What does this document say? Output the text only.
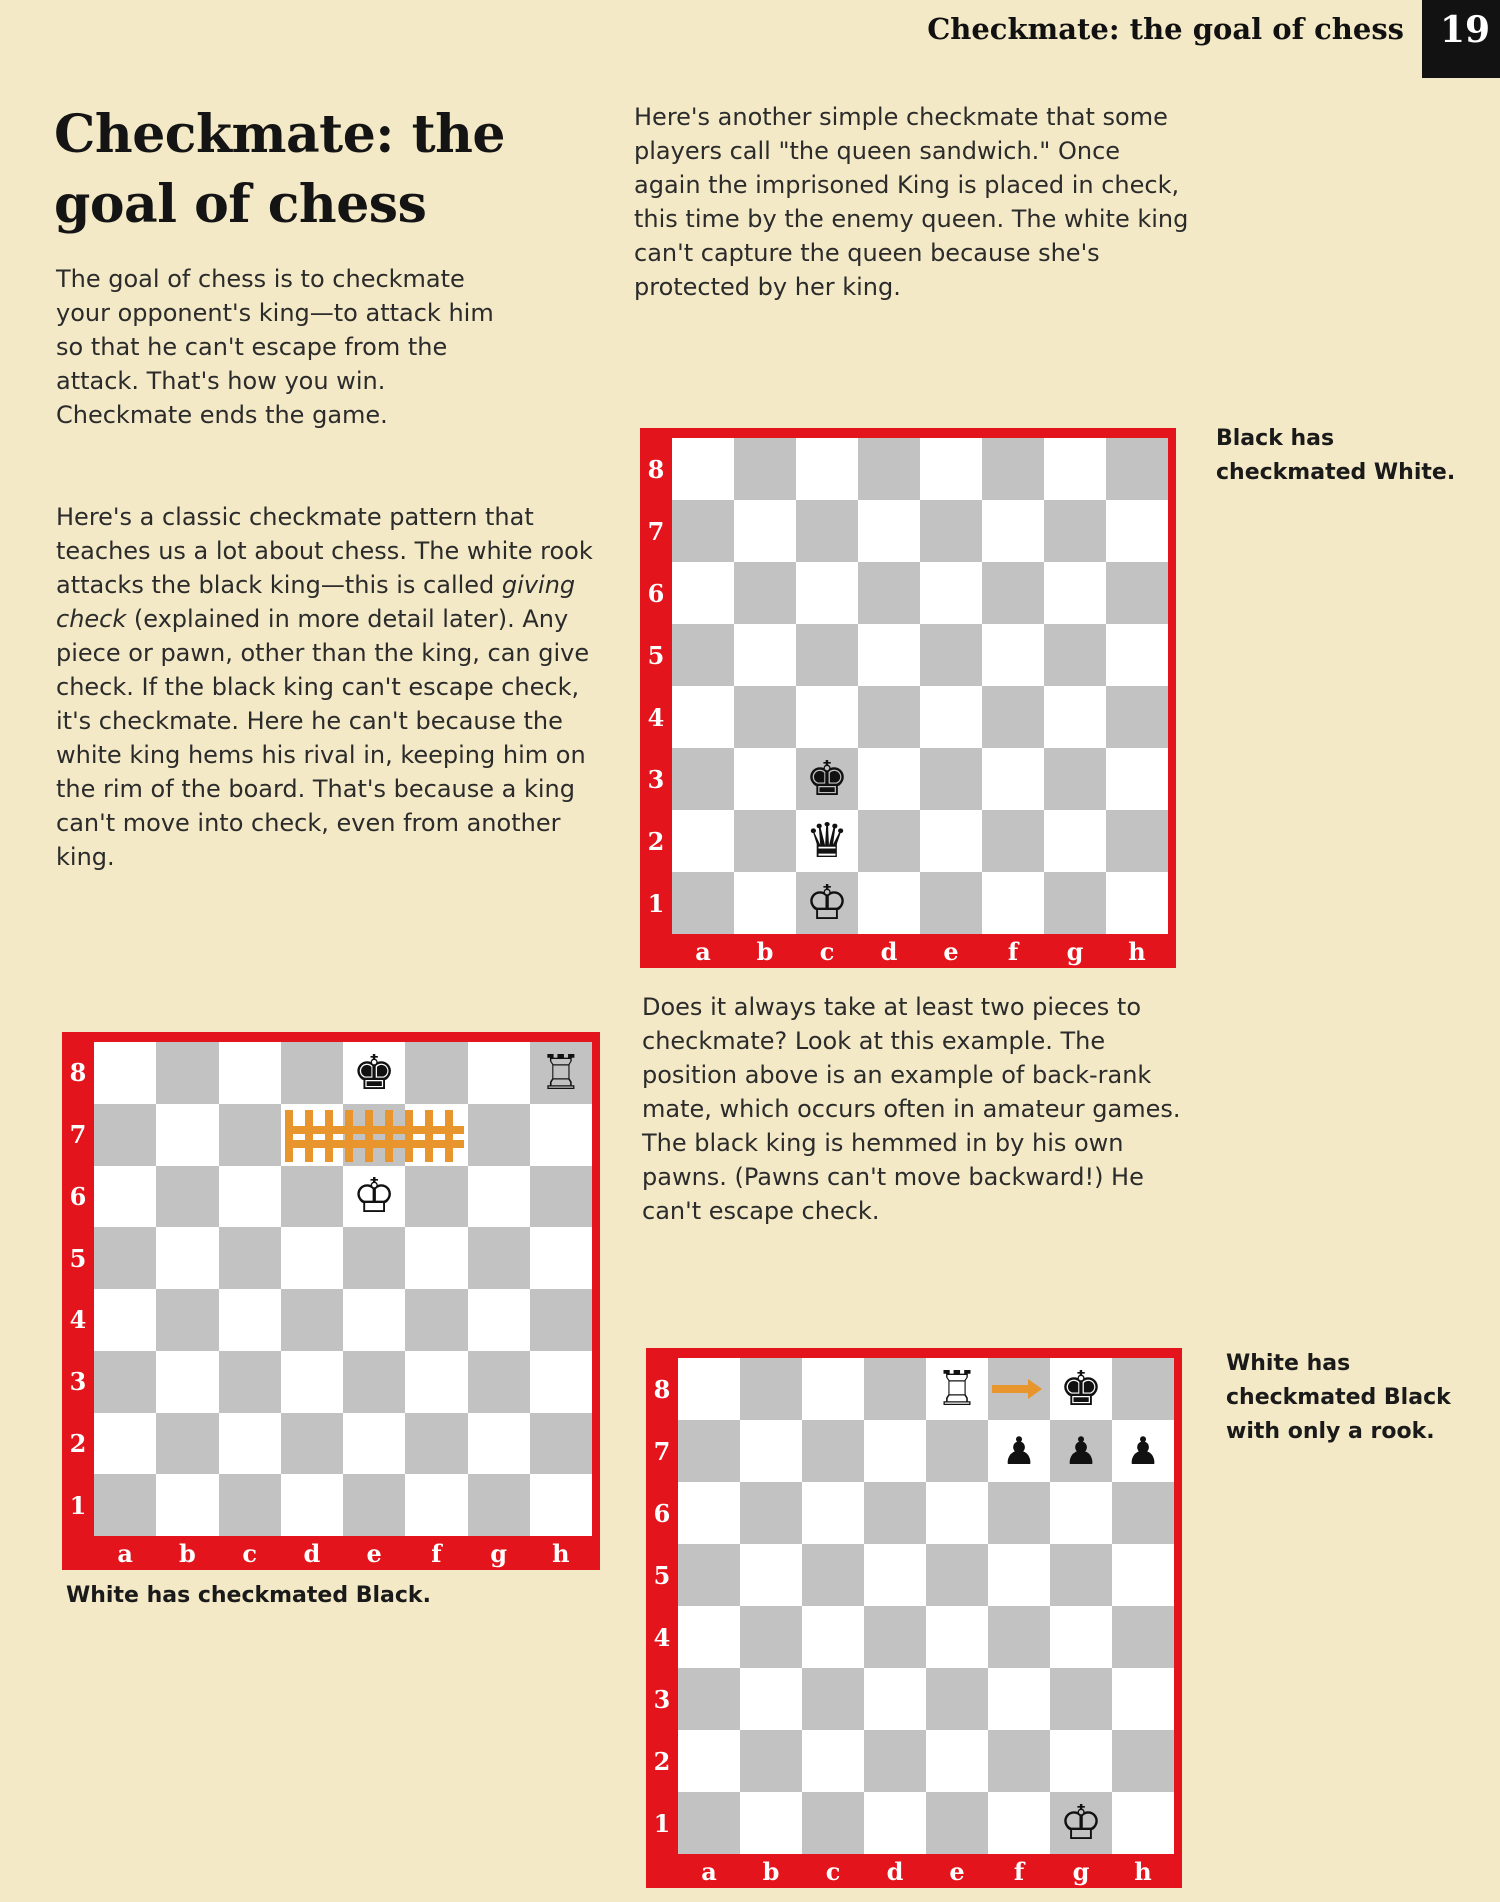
Checkmate: the goal of chess 19
Checkmate: the
goal of chess

The goal of chess is to checkmate
your opponent's king—to attack him
so that he can't escape from the
attack. That's how you win.
Checkmate ends the game.

Here's a classic checkmate pattern that teaches us a lot about chess. The white rook attacks the black king—this is called giving check (explained in more detail later). Any piece or pawn, other than the king, can give check. If the black king can't escape check, it's checkmate. Here he can't because the white king hems his rival in, keeping him on the rim of the board. That's because a king can't move into check, even from another king.

Here's another simple checkmate that some players call "the queen sandwich." Once again the imprisoned King is placed in check, this time by the enemy queen. The white king can't capture the queen because she's protected by her king.

Does it always take at least two pieces to checkmate? Look at this example. The position above is an example of back-rank mate, which occurs often in amateur games. The black king is hemmed in by his own pawns. (Pawns can't move backward!) He can't escape check.

8
7
6
5
4
3
2
1
a	b	c	d	e	f	g	h
♚	♖
♔

White has checkmated Black.

8
7
6
5
4
3
2
1
a	b	c	d	e	f	g	h
♚
♛
♔

Black has checkmated White.

8
7
6
5
4
3
2
1
a	b	c	d	e	f	g	h
♖ ♚
♟ ♟ ♟
♔

White has checkmated Black with only a rook.
